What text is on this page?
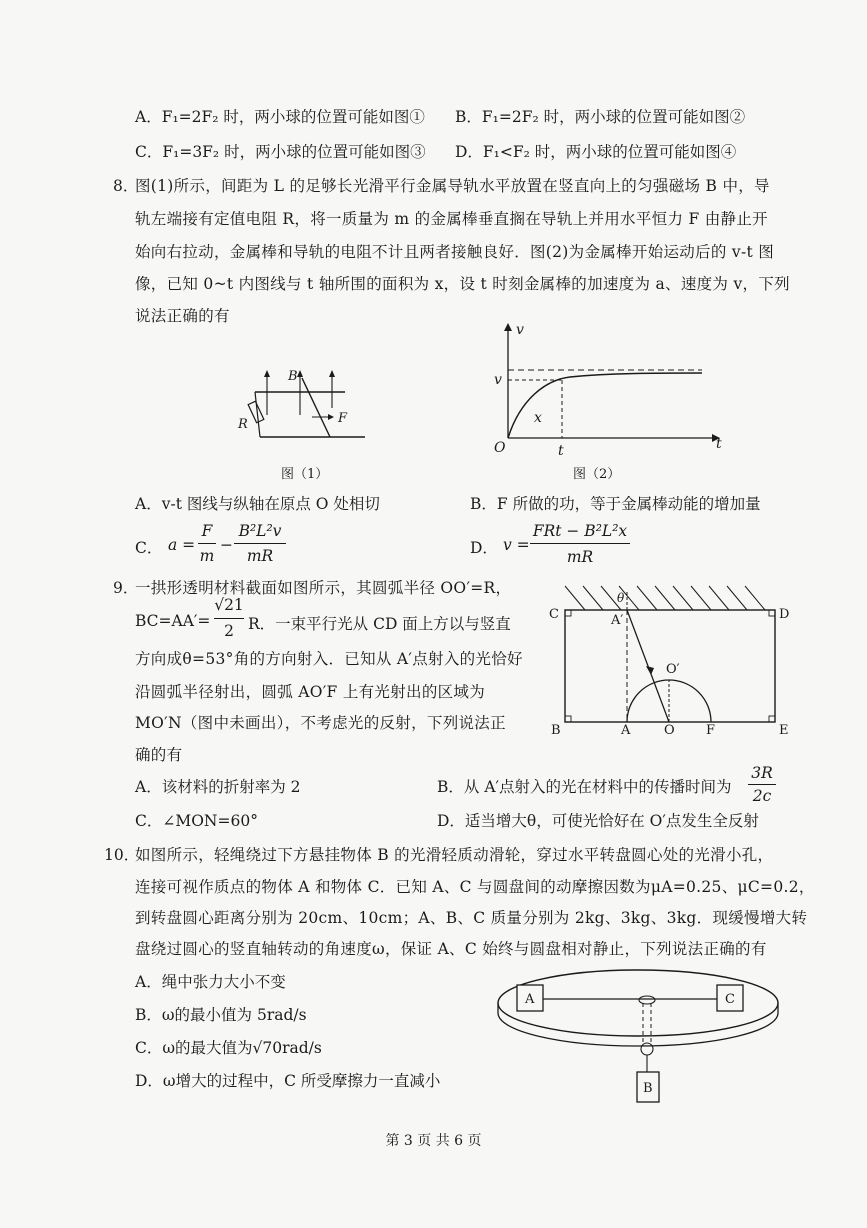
A．F₁=2F₂ 时，两小球的位置可能如图① B．F₁=2F₂ 时，两小球的位置可能如图②
C．F₁=3F₂ 时，两小球的位置可能如图③ D．F₁<F₂ 时，两小球的位置可能如图④
8．
图(1)所示，间距为 L 的足够长光滑平行金属导轨水平放置在竖直向上的匀强磁场 B 中，导
轨左端接有定值电阻 R，将一质量为 m 的金属棒垂直搁在导轨上并用水平恒力 F 由静止开
始向右拉动，金属棒和导轨的电阻不计且两者接触良好．图(2)为金属棒开始运动后的 v-t 图
像，已知 0~t 内图线与 t 轴所围的面积为 x，设 t 时刻金属棒的加速度为 a、速度为 v，下列
说法正确的有
B
R	F
图（1）
v
t
v
x
O	t
图（2）
A．v-t 图线与纵轴在原点 O 处相切	B．F 所做的功，等于金属棒动能的增加量
C． a =
F
m
−
B²L²v
mR	D． v =
FRt − B²L²x
mR
9．
一拱形透明材料截面如图所示，其圆弧半径 OO′=R，
BC=AA′=
√21
2 R．一束平行光从 CD 面上方以与竖直
方向成θ=53°角的方向射入．已知从 A′点射入的光恰好
沿圆弧半径射出，圆弧 AO′F 上有光射出的区域为
MO′N（图中未画出），不考虑光的反射，下列说法正
确的有
C	D
B	E
A	O F
A′
O′
θ
A．该材料的折射率为 2	B．从 A′点射入的光在材料中的传播时间为
3R
2c
C．∠MON=60°	D．适当增大θ，可使光恰好在 O′点发生全反射
10．
如图所示，轻绳绕过下方悬挂物体 B 的光滑轻质动滑轮，穿过水平转盘圆心处的光滑小孔，
连接可视作质点的物体 A 和物体 C．已知 A、C 与圆盘间的动摩擦因数为μA=0.25、μC=0.2，
到转盘圆心距离分别为 20cm、10cm；A、B、C 质量分别为 2kg、3kg、3kg．现缓慢增大转
盘绕过圆心的竖直轴转动的角速度ω，保证 A、C 始终与圆盘相对静止，下列说法正确的有
A．绳中张力大小不变
B．ω的最小值为 5rad/s
C．ω的最大值为√70rad/s
D．ω增大的过程中，C 所受摩擦力一直减小
A	C
B
第 3 页 共 6 页
